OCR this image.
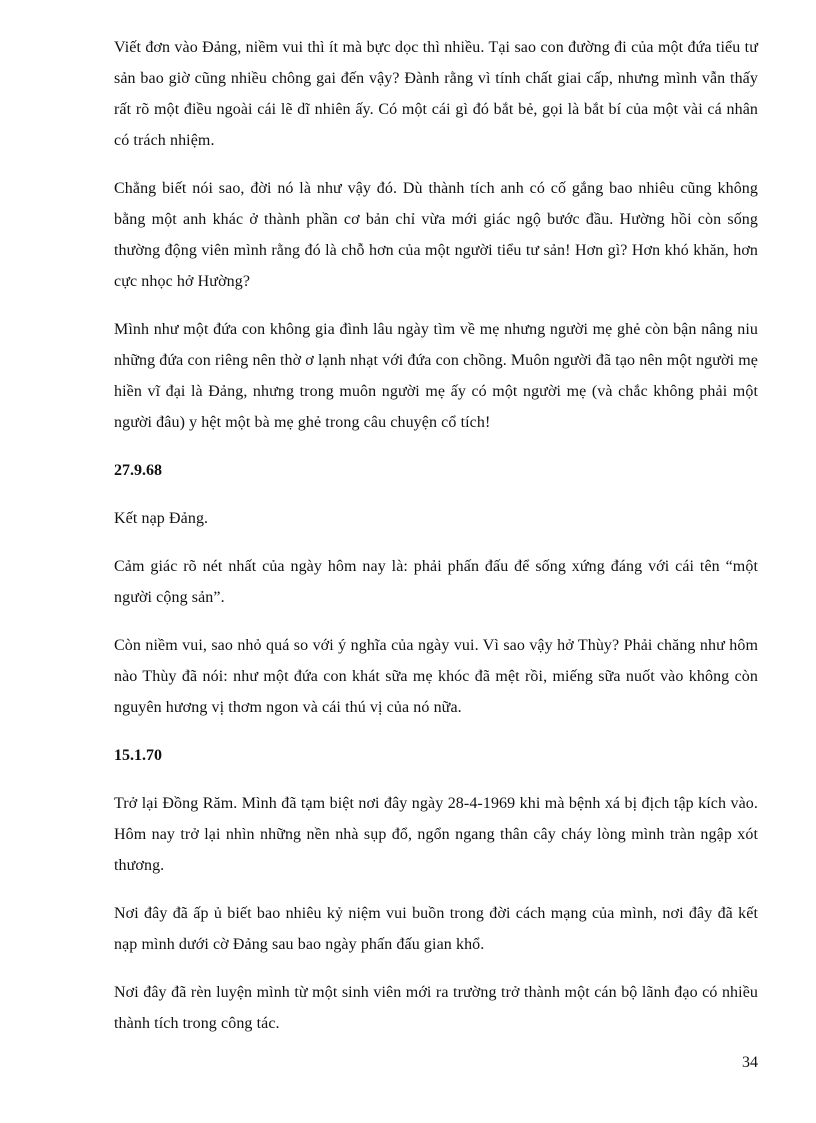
Viết đơn vào Đảng, niềm vui thì ít mà bực dọc thì nhiều. Tại sao con đường đi của một đứa tiểu tư sản bao giờ cũng nhiều chông gai đến vậy? Đành rằng vì tính chất giai cấp, nhưng mình vẫn thấy rất rõ một điều ngoài cái lẽ dĩ nhiên ấy. Có một cái gì đó bắt bẻ, gọi là bắt bí của một vài cá nhân có trách nhiệm.

Chẳng biết nói sao, đời nó là như vậy đó. Dù thành tích anh có cố gắng bao nhiêu cũng không bằng một anh khác ở thành phần cơ bản chỉ vừa mới giác ngộ bước đầu. Hường hồi còn sống thường động viên mình rằng đó là chỗ hơn của một người tiểu tư sản! Hơn gì? Hơn khó khăn, hơn cực nhọc hở Hường?

Mình như một đứa con không gia đình lâu ngày tìm về mẹ nhưng người mẹ ghẻ còn bận nâng niu những đứa con riêng nên thờ ơ lạnh nhạt với đứa con chồng. Muôn người đã tạo nên một người mẹ hiền vĩ đại là Đảng, nhưng trong muôn người mẹ ấy có một người mẹ (và chắc không phải một người đâu) y hệt một bà mẹ ghẻ trong câu chuyện cổ tích!

27.9.68

Kết nạp Đảng.

Cảm giác rõ nét nhất của ngày hôm nay là: phải phấn đấu để sống xứng đáng với cái tên “một người cộng sản”.

Còn niềm vui, sao nhỏ quá so với ý nghĩa của ngày vui. Vì sao vậy hở Thùy? Phải chăng như hôm nào Thùy đã nói: như một đứa con khát sữa mẹ khóc đã mệt rồi, miếng sữa nuốt vào không còn nguyên hương vị thơm ngon và cái thú vị của nó nữa.

15.1.70

Trở lại Đồng Răm. Mình đã tạm biệt nơi đây ngày 28-4-1969 khi mà bệnh xá bị địch tập kích vào. Hôm nay trở lại nhìn những nền nhà sụp đổ, ngổn ngang thân cây cháy lòng mình tràn ngập xót thương.

Nơi đây đã ấp ủ biết bao nhiêu kỷ niệm vui buồn trong đời cách mạng của mình, nơi đây đã kết nạp mình dưới cờ Đảng sau bao ngày phấn đấu gian khổ.

Nơi đây đã rèn luyện mình từ một sinh viên mới ra trường trở thành một cán bộ lãnh đạo có nhiều thành tích trong công tác.

34
